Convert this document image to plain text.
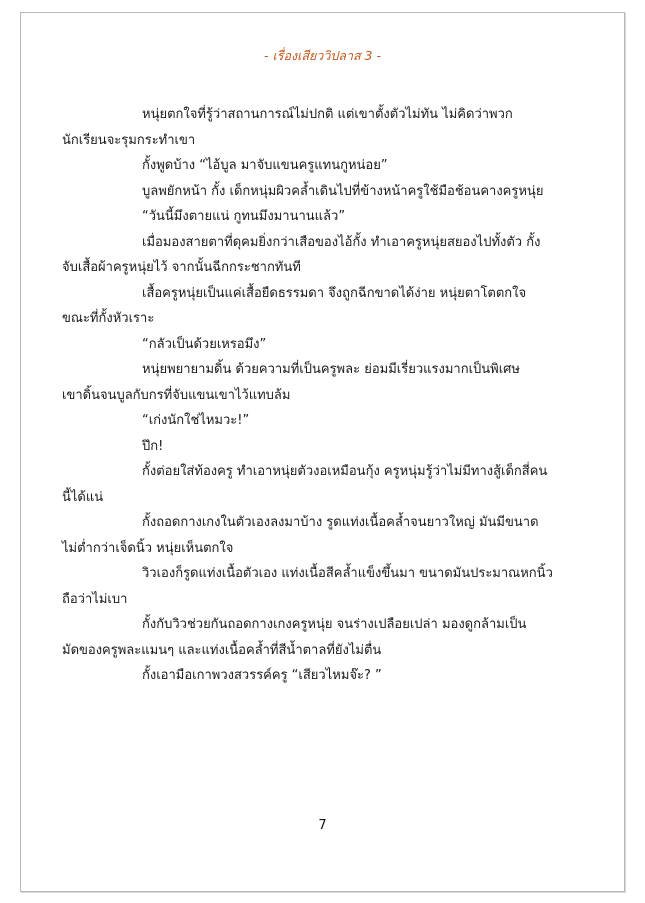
- เรื่องเสียววิปลาส 3 -

หนุ่ยตกใจที่รู้ว่าสถานการณ์ไม่ปกติ แต่เขาตั้งตัวไม่ทัน ไม่คิดว่าพวก

นักเรียนจะรุมกระทำเขา

กั้งพูดบ้าง “ไอ้บูล มาจับแขนครูแทนกูหน่อย”

บูลพยักหน้า กั้ง เด็กหนุ่มผิวคล้ำเดินไปที่ข้างหน้าครูใช้มือช้อนคางครูหนุ่ย

“วันนี้มึงตายแน่ กูทนมึงมานานแล้ว”

เมื่อมองสายตาที่ดุคมยิ่งกว่าเสือของไอ้กั้ง ทำเอาครูหนุ่ยสยองไปทั้งตัว กั้ง

จับเสื้อผ้าครูหนุ่ยไว้ จากนั้นฉีกกระชากทันที

เสื้อครูหนุ่ยเป็นแค่เสื้อยืดธรรมดา จึงถูกฉีกขาดได้ง่าย หนุ่ยตาโตตกใจ

ขณะที่กั้งหัวเราะ

“กลัวเป็นด้วยเหรอมึง”

หนุ่ยพยายามดิ้น ด้วยความที่เป็นครูพละ ย่อมมีเรี่ยวแรงมากเป็นพิเศษ

เขาดิ้นจนบูลกับกรที่จับแขนเขาไว้แทบล้ม

“เก่งนักใช่ไหมวะ!”

ปึก!

กั้งต่อยใส่ท้องครู ทำเอาหนุ่ยตัวงอเหมือนกุ้ง ครูหนุ่มรู้ว่าไม่มีทางสู้เด็กสี่คน

นี้ได้แน่

กั้งถอดกางเกงในตัวเองลงมาบ้าง รูดแท่งเนื้อคล้ำจนยาวใหญ่ มันมีขนาด

ไม่ต่ำกว่าเจ็ดนิ้ว หนุ่ยเห็นตกใจ

วิวเองก็รูดแท่งเนื้อตัวเอง แท่งเนื้อสีคล้ำแข็งขึ้นมา ขนาดมันประมาณหกนิ้ว

ถือว่าไม่เบา

กั้งกับวิวช่วยกันถอดกางเกงครูหนุ่ย จนร่างเปลือยเปล่า มองดูกล้ามเป็น

มัดของครูพละแมนๆ และแท่งเนื้อคล้ำที่สีน้ำตาลที่ยังไม่ตื่น

กั้งเอามือเกาพวงสวรรค์ครู “เสียวไหมจ๊ะ? ”

7
